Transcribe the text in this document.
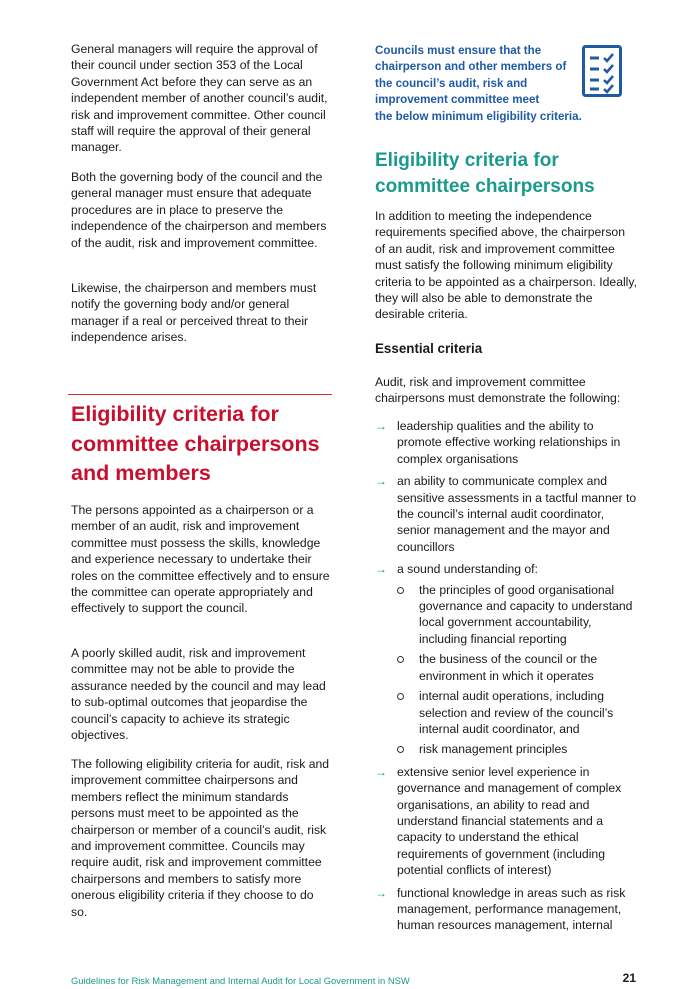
General managers will require the approval of their council under section 353 of the Local Government Act before they can serve as an independent member of another council’s audit, risk and improvement committee. Other council staff will require the approval of their general manager.

Both the governing body of the council and the general manager must ensure that adequate procedures are in place to preserve the independence of the chairperson and members of the audit, risk and improvement committee.

Likewise, the chairperson and members must notify the governing body and/or general manager if a real or perceived threat to their independence arises.

Eligibility criteria for committee chairpersons and members

The persons appointed as a chairperson or a member of an audit, risk and improvement committee must possess the skills, knowledge and experience necessary to undertake their roles on the committee effectively and to ensure the committee can operate appropriately and effectively to support the council.

A poorly skilled audit, risk and improvement committee may not be able to provide the assurance needed by the council and may lead to sub-optimal outcomes that jeopardise the council’s capacity to achieve its strategic objectives.

The following eligibility criteria for audit, risk and improvement committee chairpersons and members reflect the minimum standards persons must meet to be appointed as the chairperson or member of a council’s audit, risk and improvement committee. Councils may require audit, risk and improvement committee chairpersons and members to satisfy more onerous eligibility criteria if they choose to do so.

Councils must ensure that the chairperson and other members of the council’s audit, risk and improvement committee meet

the below minimum eligibility criteria.

Eligibility criteria for committee chairpersons

In addition to meeting the independence requirements specified above, the chairperson of an audit, risk and improvement committee must satisfy the following minimum eligibility criteria to be appointed as a chairperson. Ideally, they will also be able to demonstrate the desirable criteria.

Essential criteria

Audit, risk and improvement committee chairpersons must demonstrate the following:

→ leadership qualities and the ability to promote effective working relationships in complex organisations
→ an ability to communicate complex and sensitive assessments in a tactful manner to the council’s internal audit coordinator, senior management and the mayor and councillors
→ a sound understanding of:
the principles of good organisational governance and capacity to understand local government accountability, including financial reporting
the business of the council or the environment in which it operates
internal audit operations, including selection and review of the council’s internal audit coordinator, and
risk management principles
→ extensive senior level experience in governance and management of complex organisations, an ability to read and understand financial statements and a capacity to understand the ethical requirements of government (including potential conflicts of interest)
→ functional knowledge in areas such as risk management, performance management, human resources management, internal

Guidelines for Risk Management and Internal Audit for Local Government in NSW	21
